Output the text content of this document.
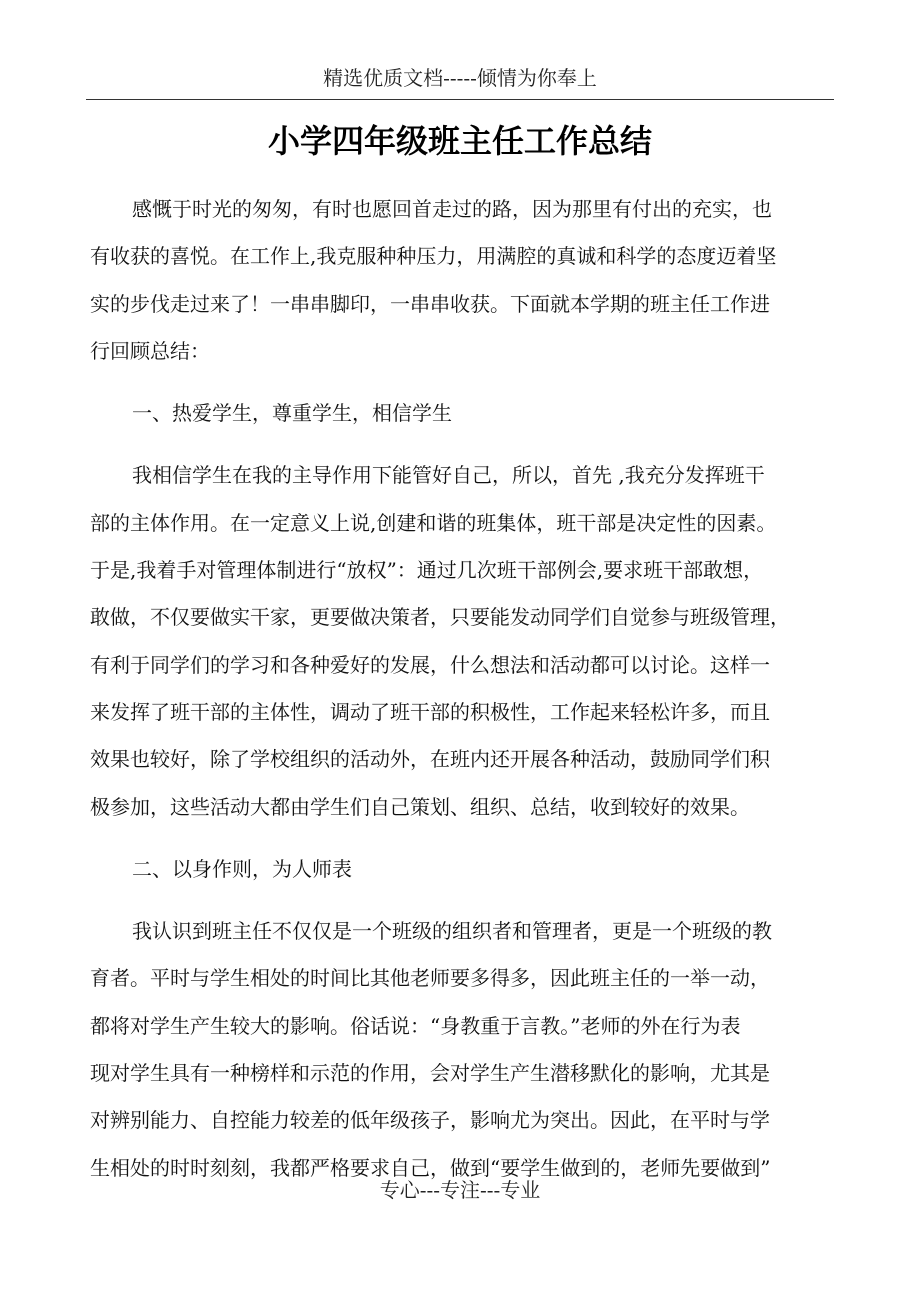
精选优质文档-----倾情为你奉上
小学四年级班主任工作总结
感慨于时光的匆匆，有时也愿回首走过的路，因为那里有付出的充实，也
有收获的喜悦。在工作上,我克服种种压力，用满腔的真诚和科学的态度迈着坚
实的步伐走过来了！一串串脚印，一串串收获。下面就本学期的班主任工作进
行回顾总结：
一、热爱学生，尊重学生，相信学生
我相信学生在我的主导作用下能管好自己，所以，首先 ,我充分发挥班干
部的主体作用。在一定意义上说,创建和谐的班集体，班干部是决定性的因素。
于是,我着手对管理体制进行“放权”：通过几次班干部例会,要求班干部敢想，
敢做，不仅要做实干家，更要做决策者，只要能发动同学们自觉参与班级管理，
有利于同学们的学习和各种爱好的发展，什么想法和活动都可以讨论。这样一
来发挥了班干部的主体性，调动了班干部的积极性，工作起来轻松许多，而且
效果也较好，除了学校组织的活动外，在班内还开展各种活动，鼓励同学们积
极参加，这些活动大都由学生们自己策划、组织、总结，收到较好的效果。
二、以身作则，为人师表
我认识到班主任不仅仅是一个班级的组织者和管理者，更是一个班级的教
育者。平时与学生相处的时间比其他老师要多得多，因此班主任的一举一动，
都将对学生产生较大的影响。俗话说：“身教重于言教。”老师的外在行为表
现对学生具有一种榜样和示范的作用，会对学生产生潜移默化的影响，尤其是
对辨别能力、自控能力较差的低年级孩子，影响尤为突出。因此，在平时与学
生相处的时时刻刻，我都严格要求自己，做到“要学生做到的，老师先要做到”
专心---专注---专业
